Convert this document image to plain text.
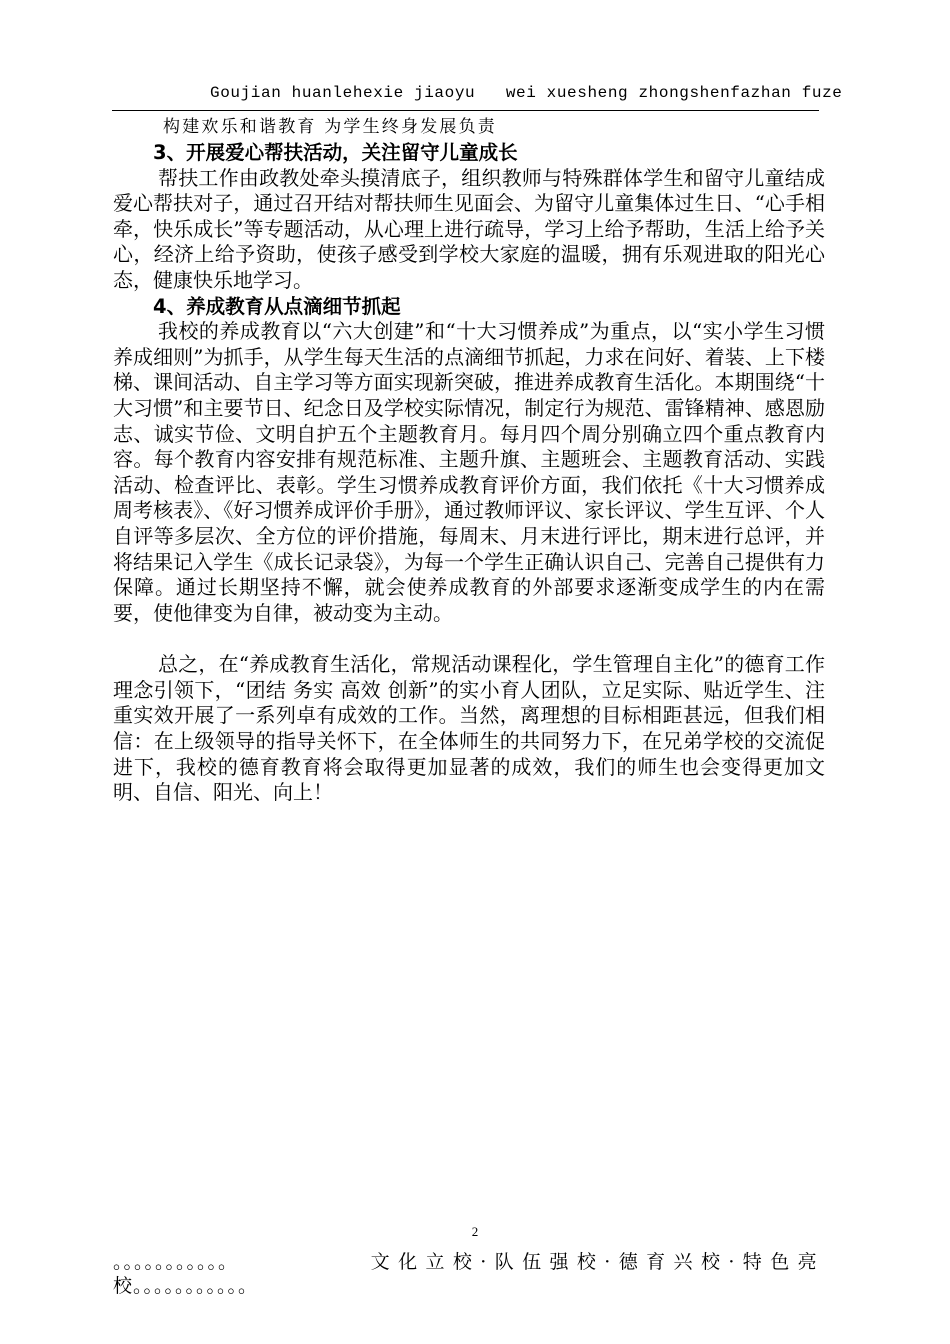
Goujian huanlehexie jiaoyu   wei xuesheng zhongshenfazhan fuze
构建欢乐和谐教育 为学生终身发展负责

3、开展爱心帮扶活动，关注留守儿童成长

帮扶工作由政教处牵头摸清底子，组织教师与特殊群体学生和留守儿童结成爱心帮扶对子，通过召开结对帮扶师生见面会、为留守儿童集体过生日、“心手相牵，快乐成长”等专题活动，从心理上进行疏导，学习上给予帮助，生活上给予关心，经济上给予资助，使孩子感受到学校大家庭的温暖，拥有乐观进取的阳光心态，健康快乐地学习。

4、养成教育从点滴细节抓起

我校的养成教育以“六大创建”和“十大习惯养成”为重点，以“实小学生习惯养成细则”为抓手，从学生每天生活的点滴细节抓起，力求在问好、着装、上下楼梯、课间活动、自主学习等方面实现新突破，推进养成教育生活化。本期围绕“十大习惯”和主要节日、纪念日及学校实际情况，制定行为规范、雷锋精神、感恩励志、诚实节俭、文明自护五个主题教育月。每月四个周分别确立四个重点教育内容。每个教育内容安排有规范标准、主题升旗、主题班会、主题教育活动、实践活动、检查评比、表彰。学生习惯养成教育评价方面，我们依托《十大习惯养成周考核表》、《好习惯养成评价手册》，通过教师评议、家长评议、学生互评、个人自评等多层次、全方位的评价措施，每周末、月末进行评比，期末进行总评，并将结果记入学生《成长记录袋》，为每一个学生正确认识自己、完善自己提供有力保障。通过长期坚持不懈，就会使养成教育的外部要求逐渐变成学生的内在需要，使他律变为自律，被动变为主动。

总之，在“养成教育生活化，常规活动课程化，学生管理自主化”的德育工作理念引领下，“团结 务实 高效 创新”的实小育人团队，立足实际、贴近学生、注重实效开展了一系列卓有成效的工作。当然，离理想的目标相距甚远，但我们相信：在上级领导的指导关怀下，在全体师生的共同努力下，在兄弟学校的交流促进下，我校的德育教育将会取得更加显著的成效，我们的师生也会变得更加文明、自信、阳光、向上！

2
。。。。。。。。。。。	文化立校·队伍强校·德育兴校·特色亮
校。。。。。。。。。。。
